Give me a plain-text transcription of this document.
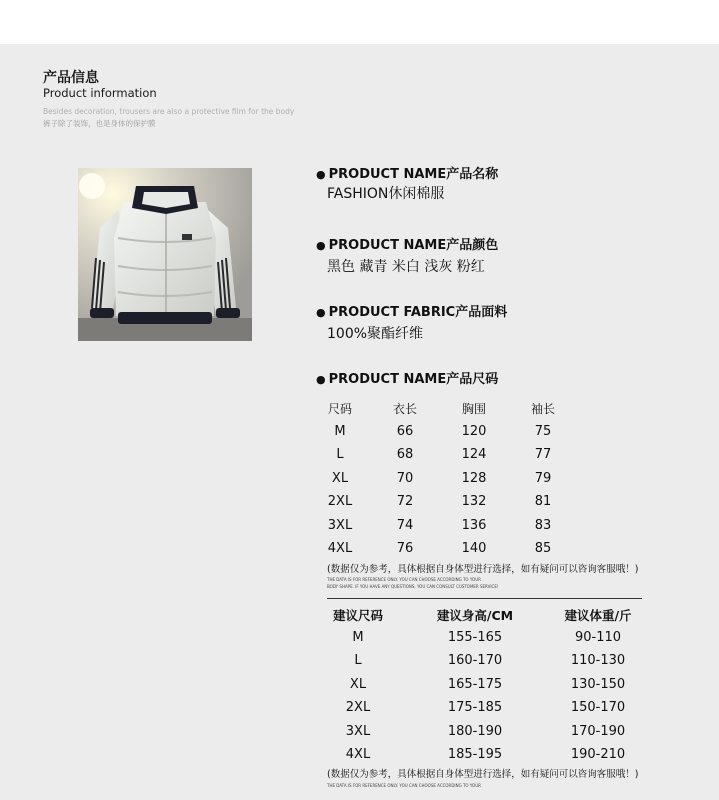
产品信息
Product information
Besides decoration, trousers are also a protective film for the body
裤子除了装饰，也是身体的保护膜
● PRODUCT NAME产品名称
FASHION休闲棉服
● PRODUCT NAME产品颜色
黑色 藏青 米白 浅灰 粉红
● PRODUCT FABRIC产品面料
100%聚酯纤维
● PRODUCT NAME产品尺码
尺码	衣长	胸围	袖长
M	66	120	75
L	68	124	77
XL	70	128	79
2XL	72	132	81
3XL	74	136	83
4XL	76	140	85
(数据仅为参考，具体根据自身体型进行选择，如有疑问可以咨询客服哦！)
THE DATA IS FOR REFERENCE ONLY. YOU CAN CHOOSE ACCORDING TO YOUR
BODY SHAPE. IF YOU HAVE ANY QUESTIONS, YOU CAN CONSULT CUSTOMER SERVICE!
建议尺码	建议身高/CM	建议体重/斤
M	155-165	90-110
L	160-170	110-130
XL	165-175	130-150
2XL	175-185	150-170
3XL	180-190	170-190
4XL	185-195	190-210
(数据仅为参考，具体根据自身体型进行选择，如有疑问可以咨询客服哦！)
THE DATA IS FOR REFERENCE ONLY. YOU CAN CHOOSE ACCORDING TO YOUR
